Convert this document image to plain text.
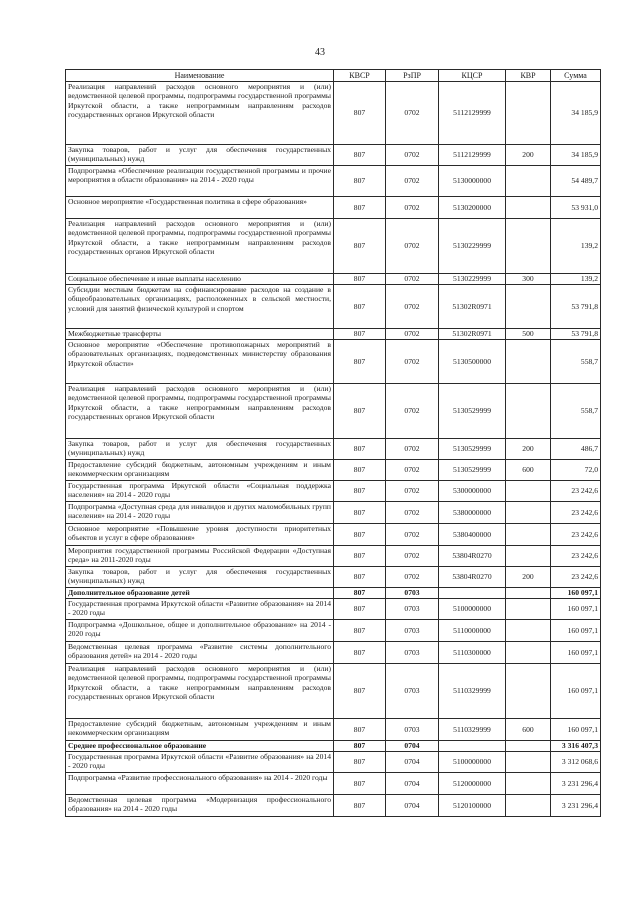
43
Наименование	КВСР	РзПР	КЦСР	КВР	Сумма
Реализация направлений расходов основного мероприятия и (или) ведомственной целевой программы, подпрограммы государственной программы Иркутской области, а также непрограммным направлениям расходов государственных органов Иркутской области	807	0702	5112129999		34 185,9
Закупка товаров, работ и услуг для обеспечения государственных (муниципальных) нужд	807	0702	5112129999	200	34 185,9
Подпрограмма «Обеспечение реализации государственной программы и прочие мероприятия в области образования» на 2014 - 2020 годы	807	0702	5130000000		54 489,7
Основное мероприятие «Государственная политика в сфере образования»	807	0702	5130200000		53 931,0
Реализация направлений расходов основного мероприятия и (или) ведомственной целевой программы, подпрограммы государственной программы Иркутской области, а также непрограммным направлениям расходов государственных органов Иркутской области	807	0702	5130229999		139,2
Социальное обеспечение и иные выплаты населению	807	0702	5130229999	300	139,2
Субсидии местным бюджетам на софинансирование расходов на создание в общеобразовательных организациях, расположенных в сельской местности, условий для занятий физической культурой и спортом	807	0702	51302R0971		53 791,8
Межбюджетные трансферты	807	0702	51302R0971	500	53 791,8
Основное мероприятие «Обеспечение противопожарных мероприятий в образовательных организациях, подведомственных министерству образования Иркутской области»	807	0702	5130500000		558,7
Реализация направлений расходов основного мероприятия и (или) ведомственной целевой программы, подпрограммы государственной программы Иркутской области, а также непрограммным направлениям расходов государственных органов Иркутской области	807	0702	5130529999		558,7
Закупка товаров, работ и услуг для обеспечения государственных (муниципальных) нужд	807	0702	5130529999	200	486,7
Предоставление субсидий бюджетным, автономным учреждениям и иным некоммерческим организациям	807	0702	5130529999	600	72,0
Государственная программа Иркутской области «Социальная поддержка населения» на 2014 - 2020 годы	807	0702	5300000000		23 242,6
Подпрограмма «Доступная среда для инвалидов и других маломобильных групп населения» на 2014 - 2020 годы	807	0702	5380000000		23 242,6
Основное мероприятие «Повышение уровня доступности приоритетных объектов и услуг в сфере образования»	807	0702	5380400000		23 242,6
Мероприятия государственной программы Российской Федерации «Доступная среда» на 2011-2020 годы	807	0702	53804R0270		23 242,6
Закупка товаров, работ и услуг для обеспечения государственных (муниципальных) нужд	807	0702	53804R0270	200	23 242,6
Дополнительное образование детей	807	0703			160 097,1
Государственная программа Иркутской области «Развитие образования» на 2014 - 2020 годы	807	0703	5100000000		160 097,1
Подпрограмма «Дошкольное, общее и дополнительное образование» на 2014 - 2020 годы	807	0703	5110000000		160 097,1
Ведомственная целевая программа «Развитие системы дополнительного образования детей» на 2014 - 2020 годы	807	0703	5110300000		160 097,1
Реализация направлений расходов основного мероприятия и (или) ведомственной целевой программы, подпрограммы государственной программы Иркутской области, а также непрограммным направлениям расходов государственных органов Иркутской области	807	0703	5110329999		160 097,1
Предоставление субсидий бюджетным, автономным учреждениям и иным некоммерческим организациям	807	0703	5110329999	600	160 097,1
Среднее профессиональное образование	807	0704			3 316 407,3
Государственная программа Иркутской области «Развитие образования» на 2014 - 2020 годы	807	0704	5100000000		3 312 068,6
Подпрограмма «Развитие профессионального образования» на 2014 - 2020 годы	807	0704	5120000000		3 231 296,4
Ведомственная целевая программа «Модернизация профессионального образования» на 2014 - 2020 годы	807	0704	5120100000		3 231 296,4
